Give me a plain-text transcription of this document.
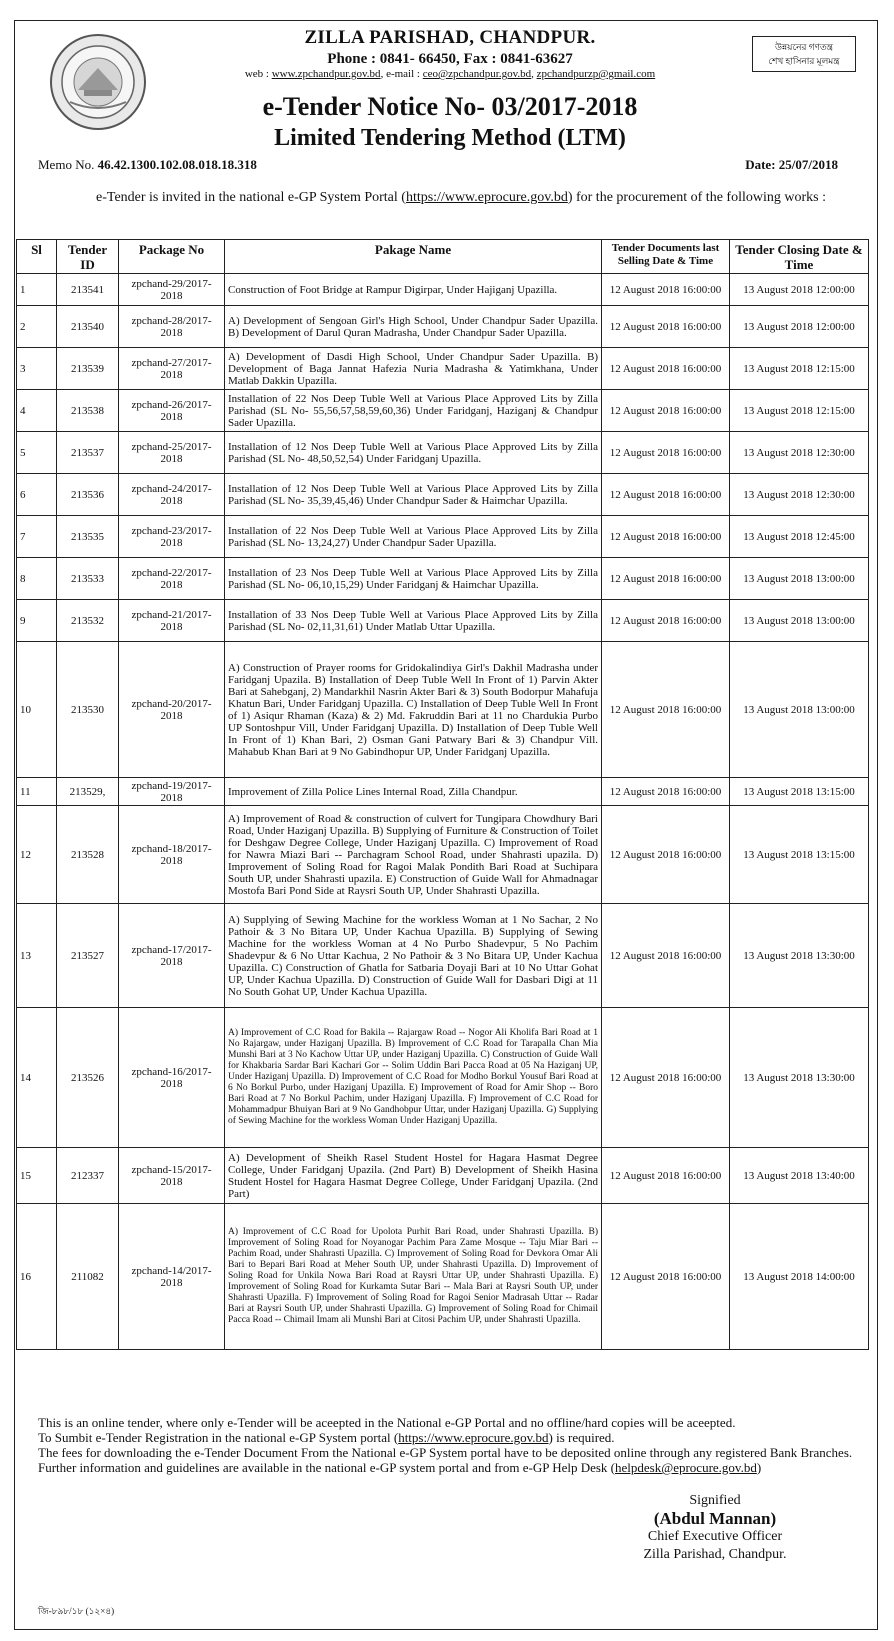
উন্নয়নের গণতন্ত্র
শেখ হাসিনার মূলমন্ত্র
ZILLA PARISHAD, CHANDPUR.
Phone : 0841- 66450, Fax : 0841-63627
web : www.zpchandpur.gov.bd, e-mail : ceo@zpchandpur.gov.bd, zpchandpurzp@gmail.com
e-Tender Notice No- 03/2017-2018
Limited Tendering Method (LTM)
Memo No. 46.42.1300.102.08.018.18.318	Date: 25/07/2018
e-Tender is invited in the national e-GP System Portal (https://www.eprocure.gov.bd) for the procurement of the following works :
Sl	Tender ID	Package No	Pakage Name	Tender Documents last Selling Date & Time	Tender Closing Date & Time
1	213541	zpchand-29/2017-2018	Construction of Foot Bridge at Rampur Digirpar, Under Hajiganj Upazilla.	12 August 2018 16:00:00	13 August 2018 12:00:00
2	213540	zpchand-28/2017-2018	A) Development of Sengoan Girl's High School, Under Chandpur Sader Upazilla. B) Development of Darul Quran Madrasha, Under Chandpur Sader Upazilla.	12 August 2018 16:00:00	13 August 2018 12:00:00
3	213539	zpchand-27/2017-2018	A) Development of Dasdi High School, Under Chandpur Sader Upazilla. B) Development of Baga Jannat Hafezia Nuria Madrasha & Yatimkhana, Under Matlab Dakkin Upazilla.	12 August 2018 16:00:00	13 August 2018 12:15:00
4	213538	zpchand-26/2017-2018	Installation of 22 Nos Deep Tuble Well at Various Place Approved Lits by Zilla Parishad (SL No- 55,56,57,58,59,60,36) Under Faridganj, Haziganj & Chandpur Sader Upazilla.	12 August 2018 16:00:00	13 August 2018 12:15:00
5	213537	zpchand-25/2017-2018	Installation of 12 Nos Deep Tuble Well at Various Place Approved Lits by Zilla Parishad (SL No- 48,50,52,54) Under Faridganj Upazilla.	12 August 2018 16:00:00	13 August 2018 12:30:00
6	213536	zpchand-24/2017-2018	Installation of 12 Nos Deep Tuble Well at Various Place Approved Lits by Zilla Parishad (SL No- 35,39,45,46) Under Chandpur Sader & Haimchar Upazilla.	12 August 2018 16:00:00	13 August 2018 12:30:00
7	213535	zpchand-23/2017-2018	Installation of 22 Nos Deep Tuble Well at Various Place Approved Lits by Zilla Parishad (SL No- 13,24,27) Under Chandpur Sader Upazilla.	12 August 2018 16:00:00	13 August 2018 12:45:00
8	213533	zpchand-22/2017-2018	Installation of 23 Nos Deep Tuble Well at Various Place Approved Lits by Zilla Parishad (SL No- 06,10,15,29) Under Faridganj & Haimchar Upazilla.	12 August 2018 16:00:00	13 August 2018 13:00:00
9	213532	zpchand-21/2017-2018	Installation of 33 Nos Deep Tuble Well at Various Place Approved Lits by Zilla Parishad (SL No- 02,11,31,61) Under Matlab Uttar Upazilla.	12 August 2018 16:00:00	13 August 2018 13:00:00
10	213530	zpchand-20/2017-2018	A) Construction of Prayer rooms for Gridokalindiya Girl's Dakhil Madrasha under Faridganj Upazila. B) Installation of Deep Tuble Well In Front of 1) Parvin Akter Bari at Sahebganj, 2) Mandarkhil Nasrin Akter Bari & 3) South Bodorpur Mahafuja Khatun Bari, Under Faridganj Upazilla. C) Installation of Deep Tuble Well In Front of 1) Asiqur Rhaman (Kaza) & 2) Md. Fakruddin Bari at 11 no Chardukia Purbo UP Sontoshpur Vill, Under Faridganj Upazilla. D) Installation of Deep Tuble Well In Front of 1) Khan Bari, 2) Osman Gani Patwary Bari & 3) Chandpur Vill. Mahabub Khan Bari at 9 No Gabindhopur UP, Under Faridganj Upazilla.	12 August 2018 16:00:00	13 August 2018 13:00:00
11	213529,	zpchand-19/2017-2018	Improvement of Zilla Police Lines Internal Road, Zilla Chandpur.	12 August 2018 16:00:00	13 August 2018 13:15:00
12	213528	zpchand-18/2017-2018	A) Improvement of Road & construction of culvert for Tungipara Chowdhury Bari Road, Under Haziganj Upazilla. B) Supplying of Furniture & Construction of Toilet for Deshgaw Degree College, Under Haziganj Upazilla. C) Improvement of Road for Nawra Miazi Bari -- Parchagram School Road, under Shahrasti upazila. D) Improvement of Soling Road for Ragoi Malak Pondith Bari Road at Suchipara South UP, under Shahrasti upazila. E) Construction of Guide Wall for Ahmadnagar Mostofa Bari Pond Side at Raysri South UP, Under Shahrasti Upazilla.	12 August 2018 16:00:00	13 August 2018 13:15:00
13	213527	zpchand-17/2017-2018	A) Supplying of Sewing Machine for the workless Woman at 1 No Sachar, 2 No Pathoir & 3 No Bitara UP, Under Kachua Upazilla. B) Supplying of Sewing Machine for the workless Woman at 4 No Purbo Shadevpur, 5 No Pachim Shadevpur & 6 No Uttar Kachua, 2 No Pathoir & 3 No Bitara UP, Under Kachua Upazilla. C) Construction of Ghatla for Satbaria Doyaji Bari at 10 No Uttar Gohat UP, Under Kachua Upazilla. D) Construction of Guide Wall for Dasbari Digi at 11 No South Gohat UP, Under Kachua Upazilla.	12 August 2018 16:00:00	13 August 2018 13:30:00
14	213526	zpchand-16/2017-2018	A) Improvement of C.C Road for Bakila -- Rajargaw Road -- Nogor Ali Kholifa Bari Road at 1 No Rajargaw, under Haziganj Upazilla. B) Improvement of C.C Road for Tarapalla Chan Mia Munshi Bari at 3 No Kachow Uttar UP, under Haziganj Upazilla. C) Construction of Guide Wall for Khakbaria Sardar Bari Kachari Gor -- Solim Uddin Bari Pacca Road at 05 Na Haziganj UP, Under Haziganj Upazilla. D) Improvement of C.C Road for Modho Borkul Yousuf Bari Road at 6 No Borkul Purbo, under Haziganj Upazilla. E) Improvement of Road for Amir Shop -- Boro Bari Road at 7 No Borkul Pachim, under Haziganj Upazilla. F) Improvement of C.C Road for Mohammadpur Bhuiyan Bari at 9 No Gandhobpur Uttar, under Haziganj Upazilla. G) Supplying of Sewing Machine for the workless Woman Under Haziganj Upazilla.	12 August 2018 16:00:00	13 August 2018 13:30:00
15	212337	zpchand-15/2017-2018	A) Development of Sheikh Rasel Student Hostel for Hagara Hasmat Degree College, Under Faridganj Upazila. (2nd Part) B) Development of Sheikh Hasina Student Hostel for Hagara Hasmat Degree College, Under Faridganj Upazila. (2nd Part)	12 August 2018 16:00:00	13 August 2018 13:40:00
16	211082	zpchand-14/2017-2018	A) Improvement of C.C Road for Upolota Purhit Bari Road, under Shahrasti Upazilla. B) Improvement of Soling Road for Noyanogar Pachim Para Zame Mosque -- Taju Miar Bari -- Pachim Road, under Shahrasti Upazilla. C) Improvement of Soling Road for Devkora Omar Ali Bari to Bepari Bari Road at Meher South UP, under Shahrasti Upazilla. D) Improvement of Soling Road for Unkila Nowa Bari Road at Raysri Uttar UP, under Shahrasti Upazilla. E) Improvement of Soling Road for Kurkamta Sutar Bari -- Mala Bari at Raysri South UP, under Shahrasti Upazilla. F) Improvement of Soling Road for Ragoi Senior Madrasah Uttar -- Radar Bari at Raysri South UP, under Shahrasti Upazilla. G) Improvement of Soling Road for Chimail Pacca Road -- Chimail Imam ali Munshi Bari at Citosi Pachim UP, under Shahrasti Upazilla.	12 August 2018 16:00:00	13 August 2018 14:00:00

This is an online tender, where only e-Tender will be aceepted in the National e-GP Portal and no offline/hard copies will be aceepted.

To Sumbit e-Tender Registration in the national e-GP System portal (https://www.eprocure.gov.bd) is required.

The fees for downloading the e-Tender Document From the National e-GP System portal have to be deposited online through any registered Bank Branches.

Further information and guidelines are available in the national e-GP system portal and from e-GP Help Desk (helpdesk@eprocure.gov.bd)

Signified
(Abdul Mannan)
Chief Executive Officer
Zilla Parishad, Chandpur.
জি-৮৯৮/১৮ (১২×৪)
